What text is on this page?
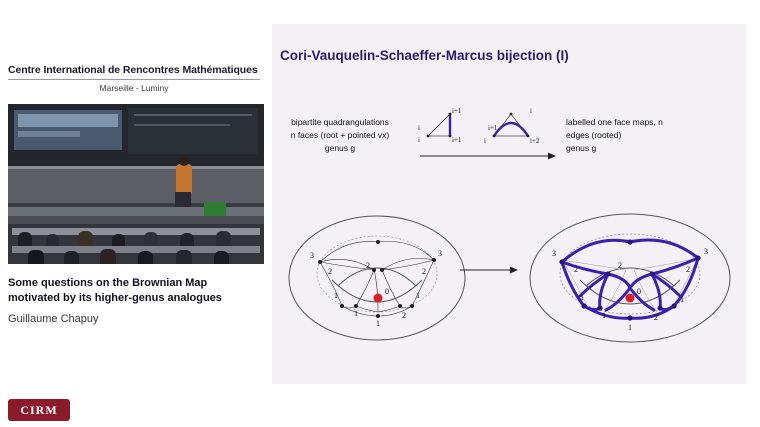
Centre International de Rencontres Mathématiques
Marseille - Luminy
Some questions on the Brownian Map
motivated by its higher-genus analogues
Guillaume Chapuy
CIRM
Cori-Vauquelin-Schaeffer-Marcus bijection (I)
bipartite quadrangulations
n faces (root + pointed vx)
genus g
i
i+1
i	i+1
i+1
i
i	i+2
labelled one face maps, n
edges (rooted)
genus g
3
2
1
2
1
0
1
2
3
2
1
3
2
1
2
1
0
1
2
3
2
1
